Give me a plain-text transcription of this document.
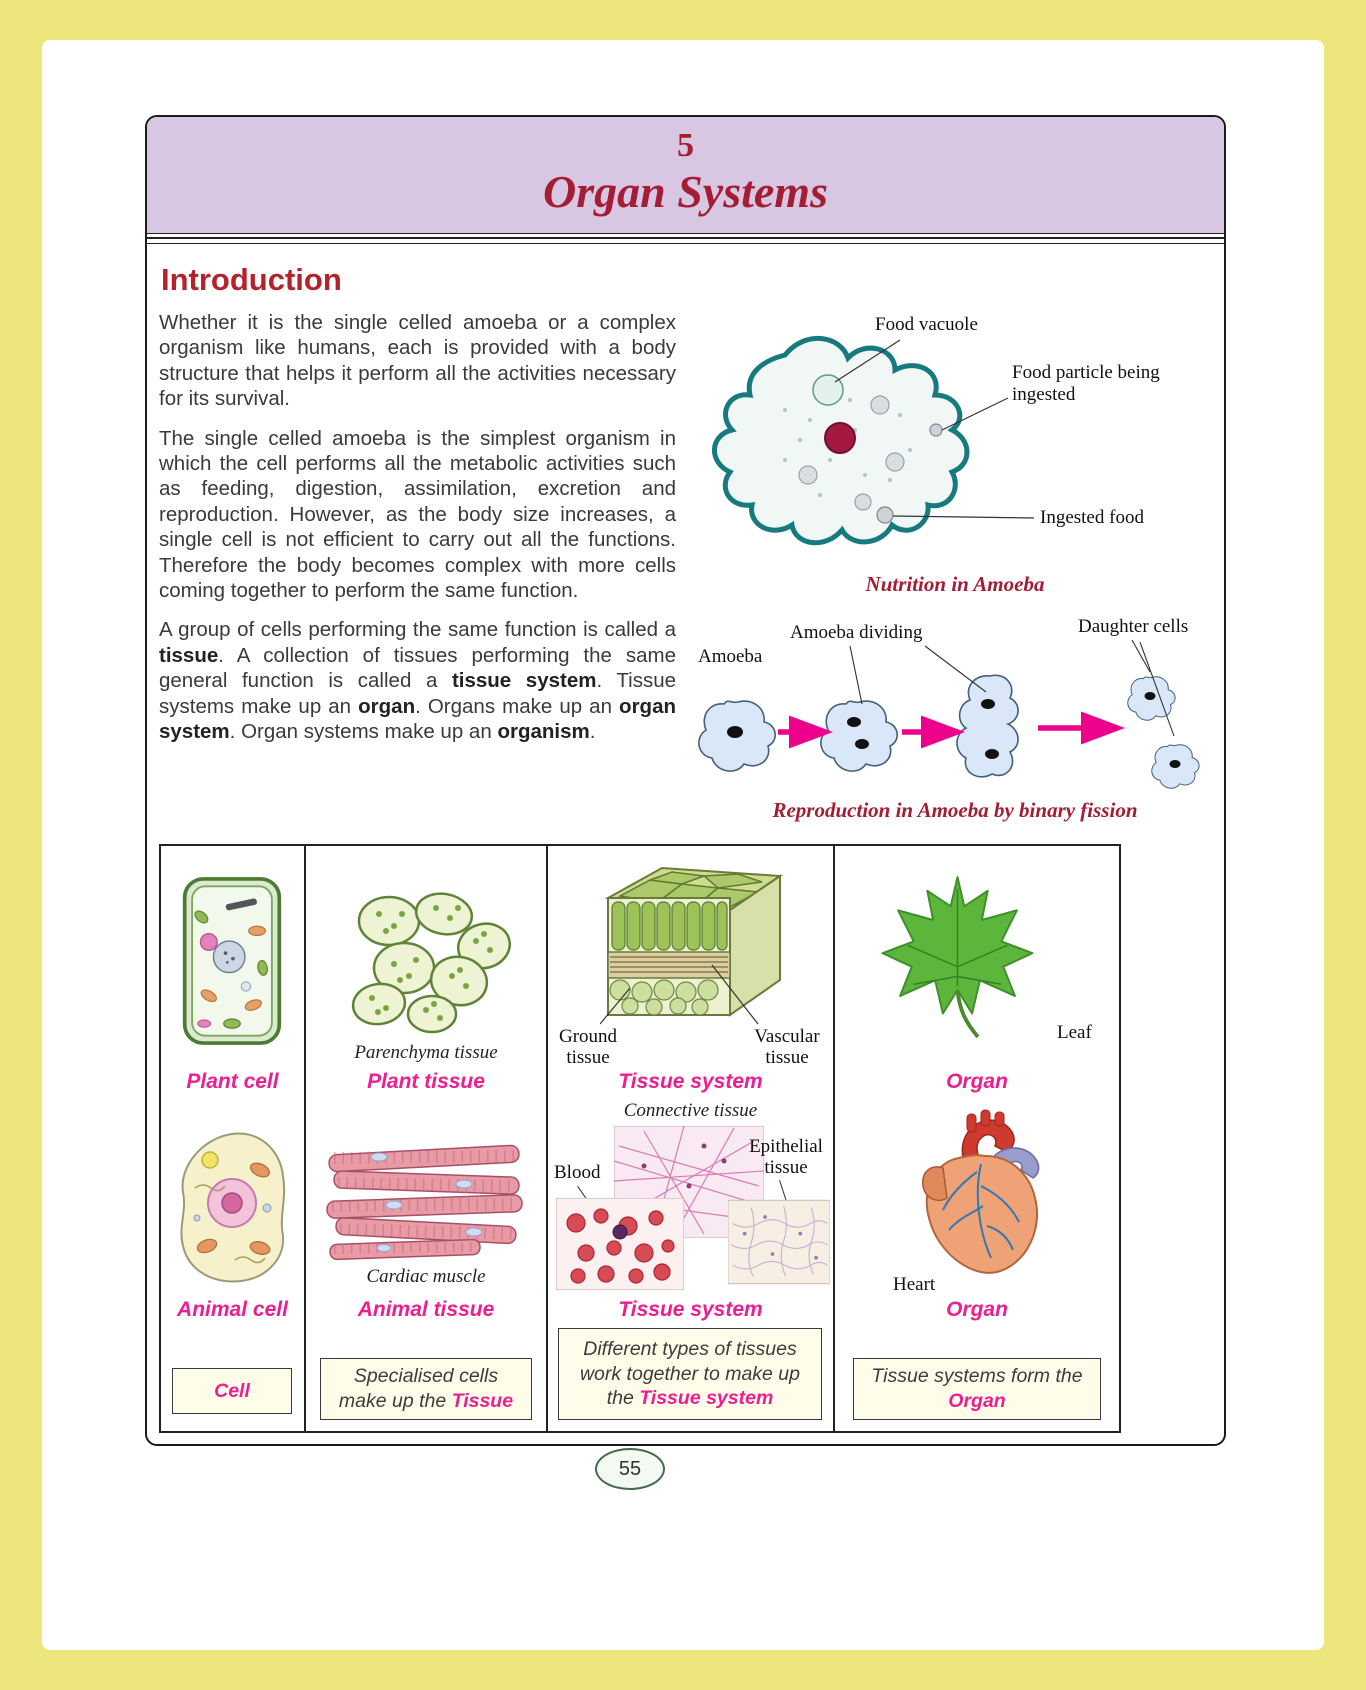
5
Organ Systems
Introduction

Whether it is the single celled amoeba or a complex organism like humans, each is provided with a body structure that helps it perform all the activities necessary for its survival.

The single celled amoeba is the simplest organism in which the cell performs all the metabolic activities such as feeding, digestion, assimilation, excretion and reproduction. However, as the body size increases, a single cell is not efficient to carry out all the functions. Therefore the body becomes complex with more cells coming together to perform the same function.

A group of cells performing the same function is called a tissue. A collection of tissues performing the same general function is called a tissue system. Tissue systems make up an organ. Organs make up an organ system. Organ systems make up an organism.

Food vacuole
Food particle being ingested
Ingested food
Nutrition in Amoeba
Amoeba
Amoeba dividing	Daughter cells
Reproduction in Amoeba by binary fission
Plant cell
Animal cell
Cell
Parenchyma tissue
Plant tissue
Cardiac muscle
Animal tissue
Specialised cells make up the Tissue
Ground tissue
Vascular tissue
Tissue system
Connective tissue
Blood
Epithelial tissue
Tissue system
Different types of tissues work together to make up the Tissue system
Leaf
Organ
Heart
Organ
Tissue systems form the Organ
55
